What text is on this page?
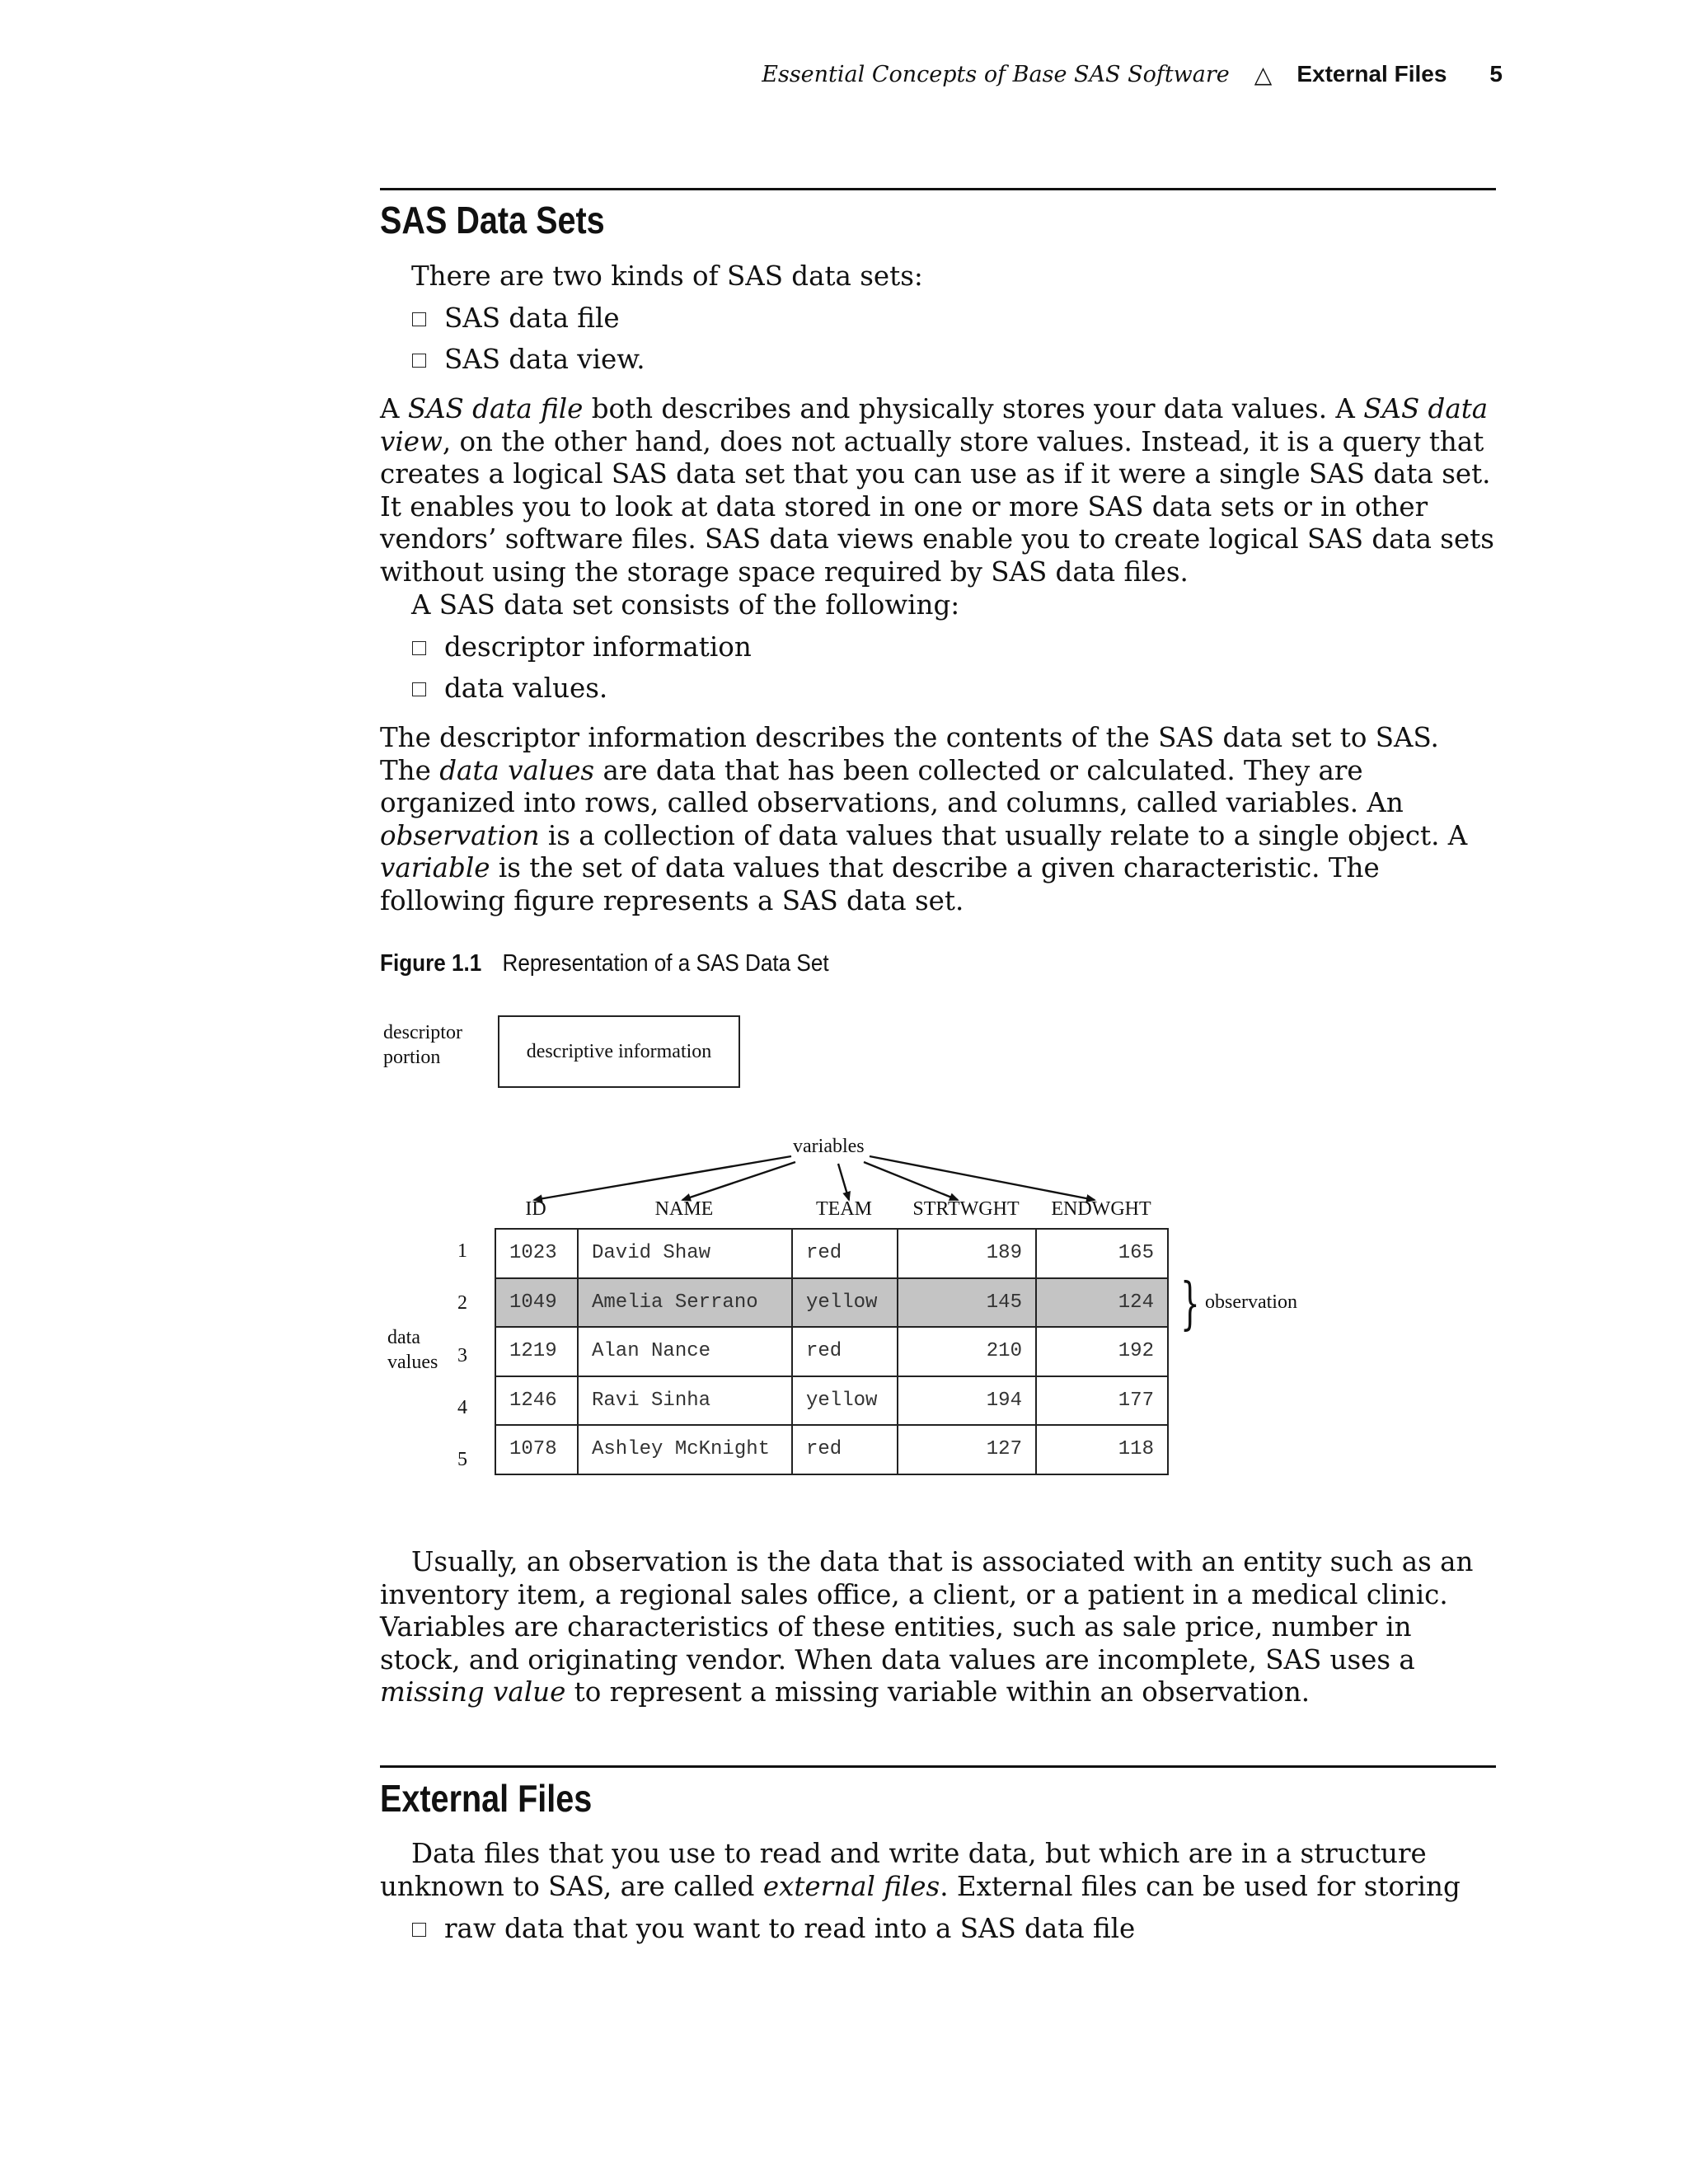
Essential Concepts of Base SAS Software △ External Files 5
SAS Data Sets

There are two kinds of SAS data sets:

SAS data file
SAS data view.

A SAS data file both describes and physically stores your data values. A SAS data view, on the other hand, does not actually store values. Instead, it is a query that creates a logical SAS data set that you can use as if it were a single SAS data set. It enables you to look at data stored in one or more SAS data sets or in other vendors’ software files. SAS data views enable you to create logical SAS data sets without using the storage space required by SAS data files.

A SAS data set consists of the following:

descriptor information
data values.

The descriptor information describes the contents of the SAS data set to SAS. The data values are data that has been collected or calculated. They are organized into rows, called observations, and columns, called variables. An observation is a collection of data values that usually relate to a single object. A variable is the set of data values that describe a given characteristic. The following figure represents a SAS data set.

Figure 1.1 Representation of a SAS Data Set
descriptor
portion	descriptive information
variables
ID	NAME	TEAM	STRTWGHT	ENDWGHT
1
2
3
4
5
data
values
1023	David Shaw	red	189	165
1049	Amelia Serrano	yellow	145	124
1219	Alan Nance	red	210	192
1246	Ravi Sinha	yellow	194	177
1078	Ashley McKnight	red	127	118
} observation

Usually, an observation is the data that is associated with an entity such as an inventory item, a regional sales office, a client, or a patient in a medical clinic. Variables are characteristics of these entities, such as sale price, number in stock, and originating vendor. When data values are incomplete, SAS uses a missing value to represent a missing variable within an observation.

External Files

Data files that you use to read and write data, but which are in a structure unknown to SAS, are called external files. External files can be used for storing

raw data that you want to read into a SAS data file
